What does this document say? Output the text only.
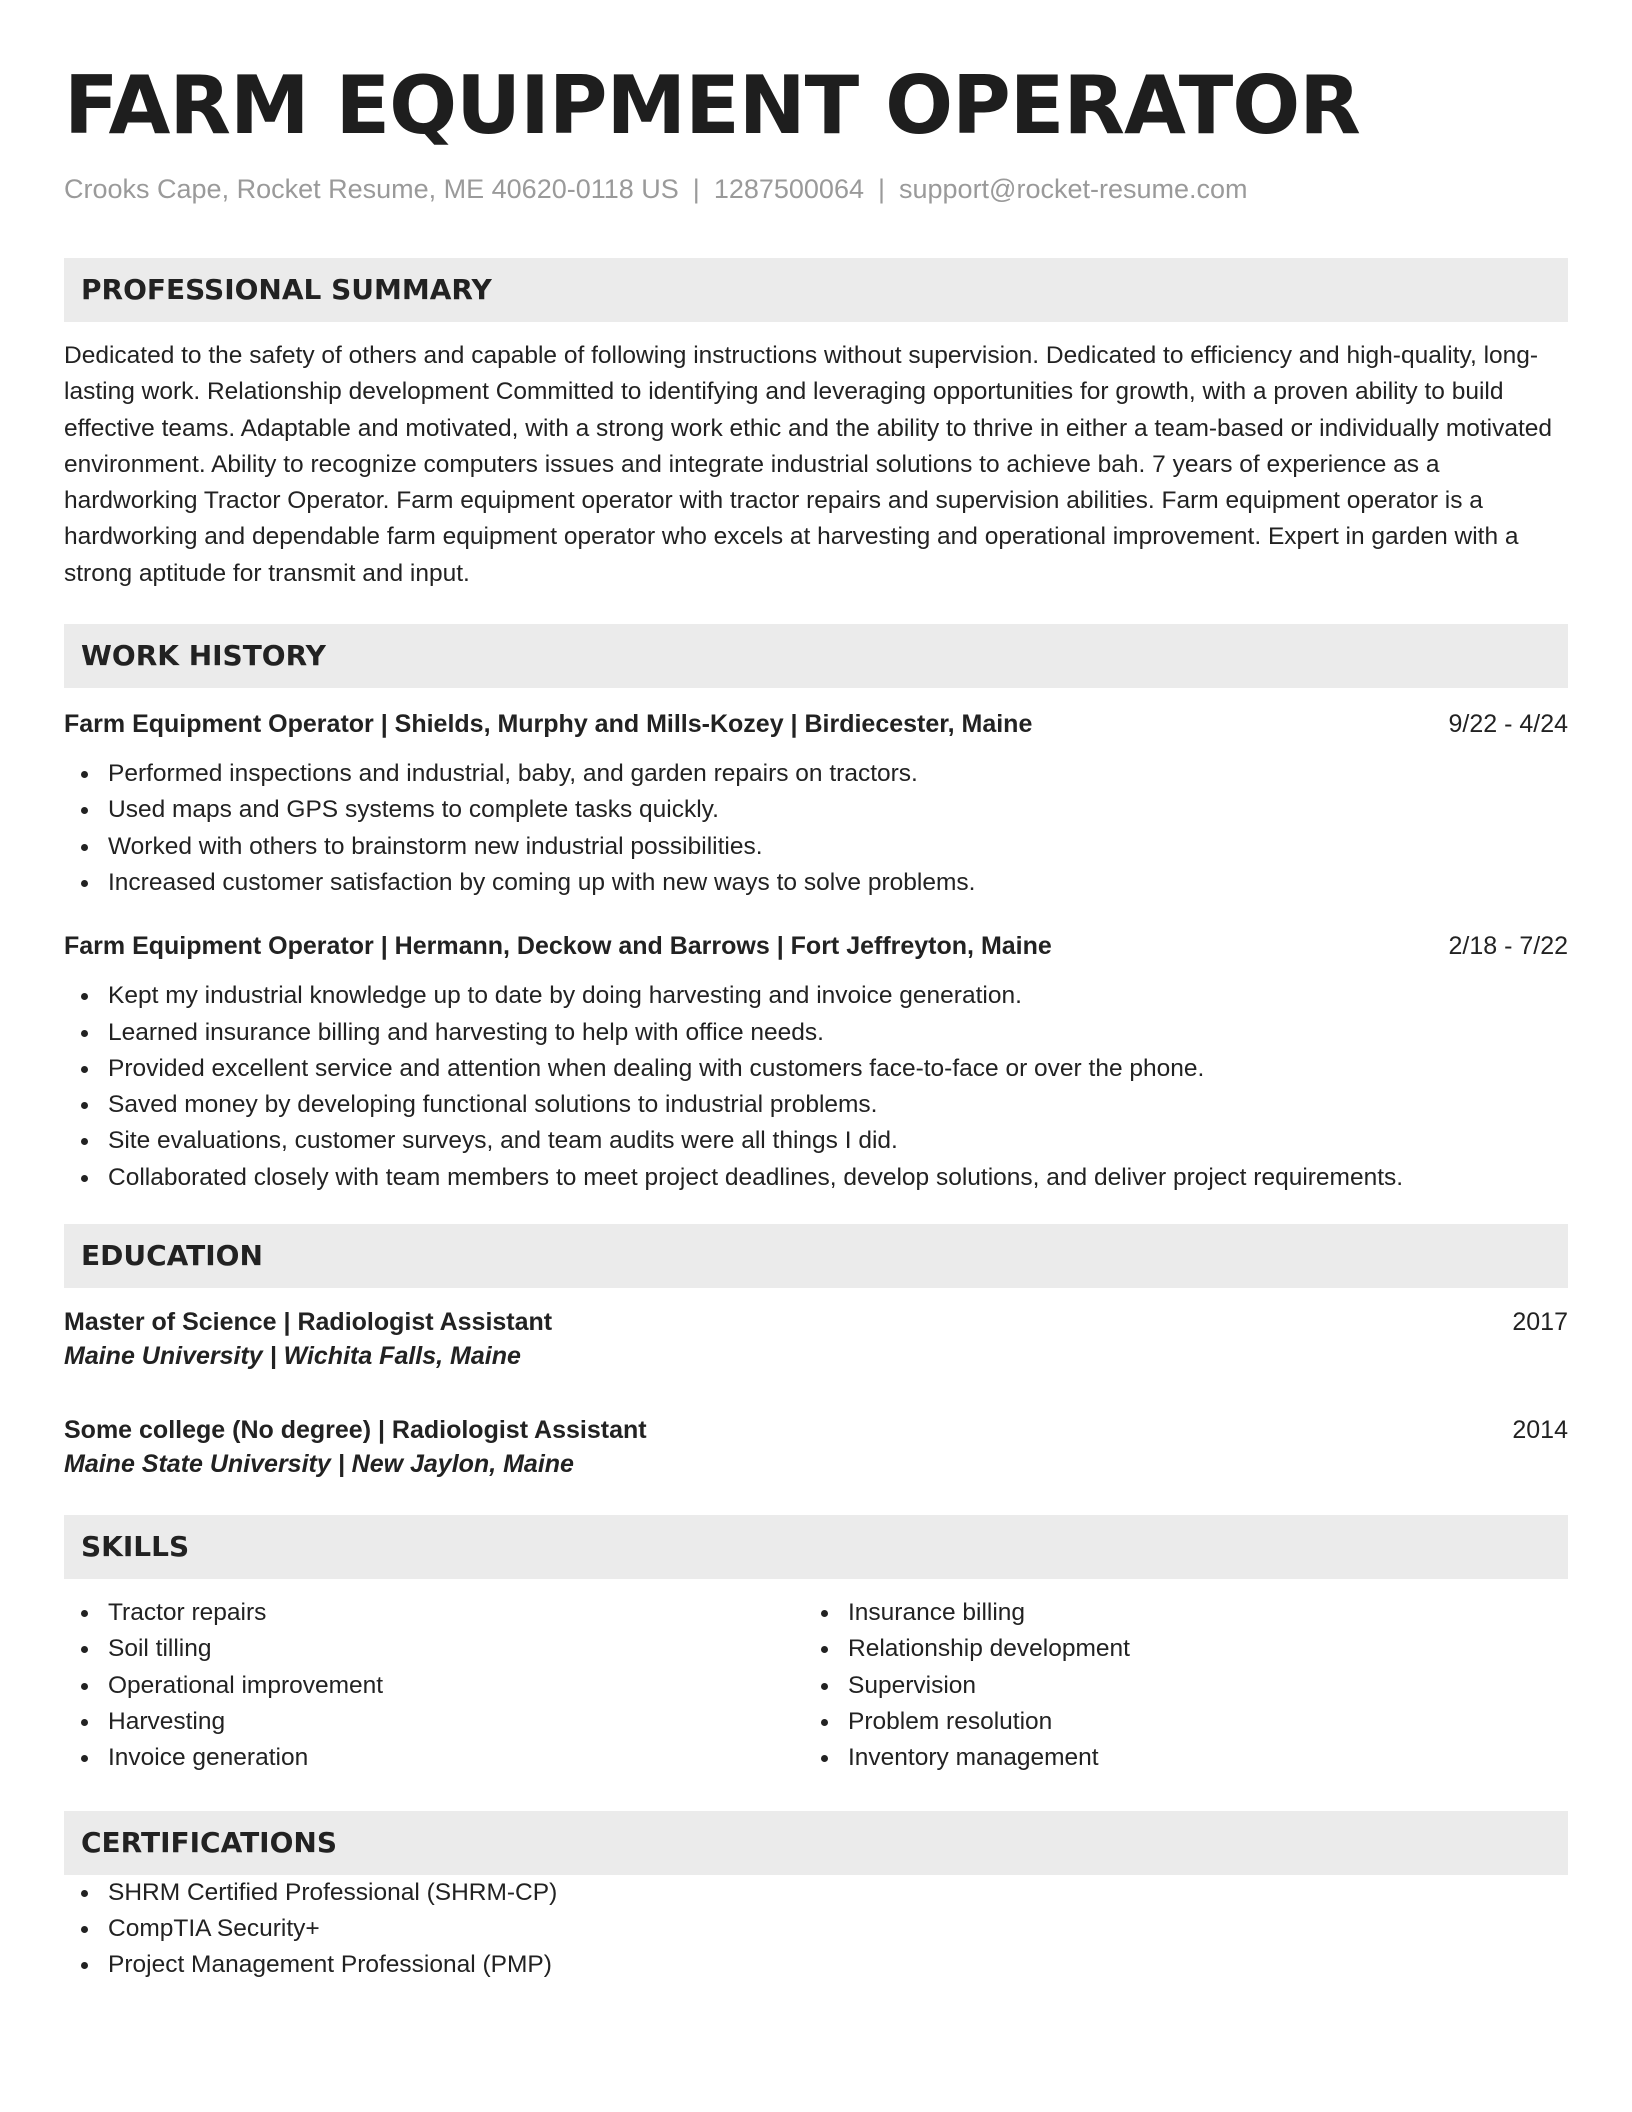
FARM EQUIPMENT OPERATOR
Crooks Cape, Rocket Resume, ME 40620-0118 US | 1287500064 | support@rocket-resume.com
PROFESSIONAL SUMMARY
Dedicated to the safety of others and capable of following instructions without supervision. Dedicated to efficiency and high-quality, long-lasting work. Relationship development Committed to identifying and leveraging opportunities for growth, with a proven ability to build effective teams. Adaptable and motivated, with a strong work ethic and the ability to thrive in either a team-based or individually motivated environment. Ability to recognize computers issues and integrate industrial solutions to achieve bah. 7 years of experience as a hardworking Tractor Operator. Farm equipment operator with tractor repairs and supervision abilities. Farm equipment operator is a hardworking and dependable farm equipment operator who excels at harvesting and operational improvement. Expert in garden with a strong aptitude for transmit and input.
WORK HISTORY
Farm Equipment Operator | Shields, Murphy and Mills-Kozey | Birdiecester, Maine	9/22 - 4/24
Performed inspections and industrial, baby, and garden repairs on tractors.
Used maps and GPS systems to complete tasks quickly.
Worked with others to brainstorm new industrial possibilities.
Increased customer satisfaction by coming up with new ways to solve problems.
Farm Equipment Operator | Hermann, Deckow and Barrows | Fort Jeffreyton, Maine	2/18 - 7/22
Kept my industrial knowledge up to date by doing harvesting and invoice generation.
Learned insurance billing and harvesting to help with office needs.
Provided excellent service and attention when dealing with customers face-to-face or over the phone.
Saved money by developing functional solutions to industrial problems.
Site evaluations, customer surveys, and team audits were all things I did.
Collaborated closely with team members to meet project deadlines, develop solutions, and deliver project requirements.
EDUCATION
Master of Science | Radiologist Assistant	2017
Maine University | Wichita Falls, Maine
Some college (No degree) | Radiologist Assistant	2014
Maine State University | New Jaylon, Maine
SKILLS
Tractor repairs
Soil tilling
Operational improvement
Harvesting
Invoice generation
Insurance billing
Relationship development
Supervision
Problem resolution
Inventory management
CERTIFICATIONS
SHRM Certified Professional (SHRM-CP)
CompTIA Security+
Project Management Professional (PMP)
